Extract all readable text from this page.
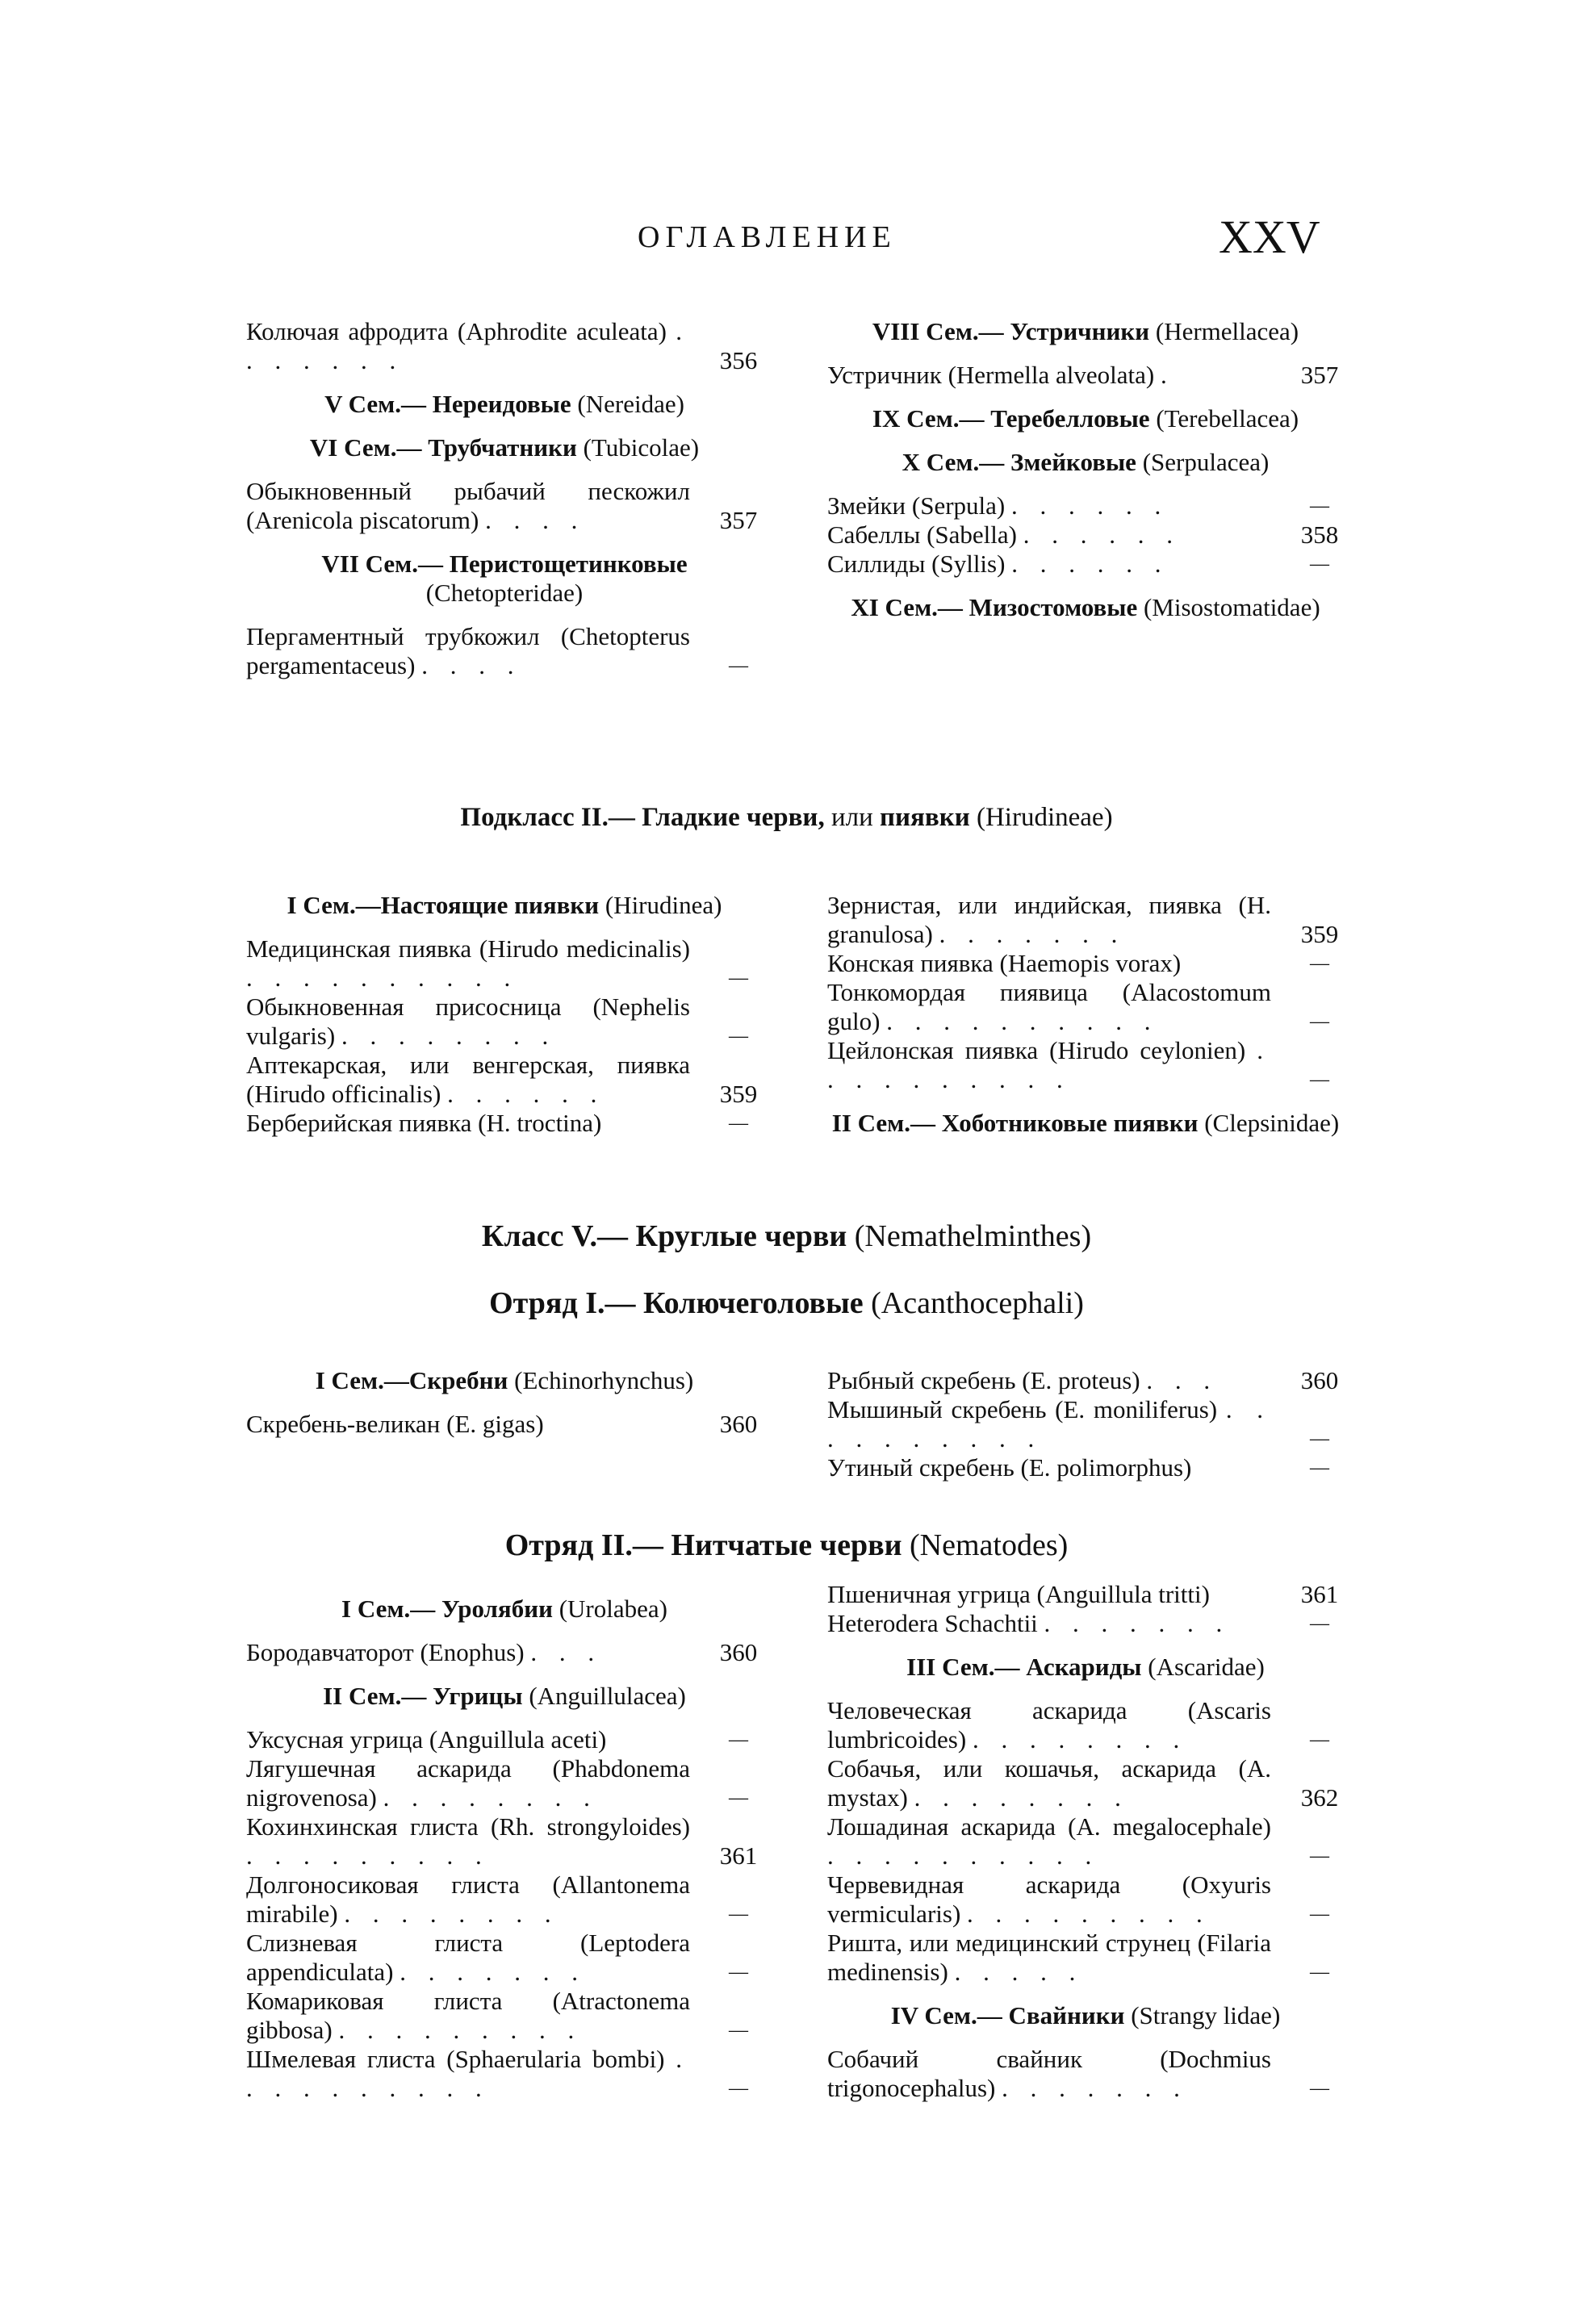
ОГЛАВЛЕНИЕ	XXV
Колючая афродита (Aphrodite aculeata) . . . . . . .	356
V Сем.— Нереидовые (Nereidae)
VI Сем.— Трубчатники (Tubicolae)
Обыкновенный рыбачий пескожил (Arenicola piscatorum) . . . .	357
VII Сем.— Перистощетинковые (Chetopteridae)
Пергаментный трубкожил (Chetopterus pergamentaceus) . . . .	—
VIII Сем.— Устричники (Hermellacea)
Устричник (Hermella alveolata) .	357
IX Сем.— Теребелловые (Terebellacea)
X Сем.— Змейковые (Serpulacea)
Змейки (Serpula) . . . . . .	—
Сабеллы (Sabella) . . . . . .	358
Силлиды (Syllis) . . . . . .	—
XI Сем.— Мизостомовые (Misostomatidae)
Подкласс II.— Гладкие черви, или пиявки (Hirudineae)
I Сем.—Настоящие пиявки (Hirudinea)
Медицинская пиявка (Hirudo medicinalis) . . . . . . . . . .	—
Обыкновенная присосница (Nephelis vulgaris) . . . . . . . .	—
Аптекарская, или венгерская, пиявка (Hirudo officinalis) . . . . . .	359
Берберийская пиявка (H. troctina)	—
Зернистая, или индийская, пиявка (H. granulosa) . . . . . . .	359
Конская пиявка (Haemopis vorax)	—
Тонкомордая пиявица (Alacostomum gulo) . . . . . . . . . .	—
Цейлонская пиявка (Hirudo ceylonien) . . . . . . . . . .	—
II Сем.— Хоботниковые пиявки (Clepsinidae)
Класс V.— Круглые черви (Nemathelminthes)
Отряд I.— Колючеголовые (Acanthocephali)
I Сем.—Скребни (Echinorhynchus)
Скребень-великан (E. gigas)	360
Рыбный скребень (E. proteus) . . .	360
Мышиный скребень (E. moniliferus) . . . . . . . . . .	—
Утиный скребень (E. polimorphus)	—
Отряд II.— Нитчатые черви (Nematodes)
I Сем.— Уролябии (Urolabea)
Бородавчаторот (Enophus) . . .	360
II Сем.— Угрицы (Anguillulacea)
Уксусная угрица (Anguillula aceti)	—
Лягушечная аскарида (Phabdonema nigrovenosa) . . . . . . . .	—
Кохинхинская глиста (Rh. strongyloides) . . . . . . . . .	361
Долгоносиковая глиста (Allantonema mirabile) . . . . . . . .	—
Слизневая глиста (Leptodera appendiculata) . . . . . . .	—
Комариковая глиста (Atractonema gibbosa) . . . . . . . . .	—
Шмелевая глиста (Sphaerularia bombi) . . . . . . . . . .	—
Пшеничная угрица (Anguillula tritti)	361
Heterodera Schachtii . . . . . . .	—
III Сем.— Аскариды (Ascaridae)
Человеческая аскарида (Ascaris lumbricoides) . . . . . . . .	—
Собачья, или кошачья, аскарида (A. mystax) . . . . . . . .	362
Лошадиная аскарида (A. megalocephale) . . . . . . . . . .	—
Червевидная аскарида (Oxyuris vermicularis) . . . . . . . . .	—
Ришта, или медицинский струнец (Filaria medinensis) . . . . .	—
IV Сем.— Свайники (Strangy lidae)
Собачий свайник (Dochmius trigonocephalus) . . . . . . .	—
